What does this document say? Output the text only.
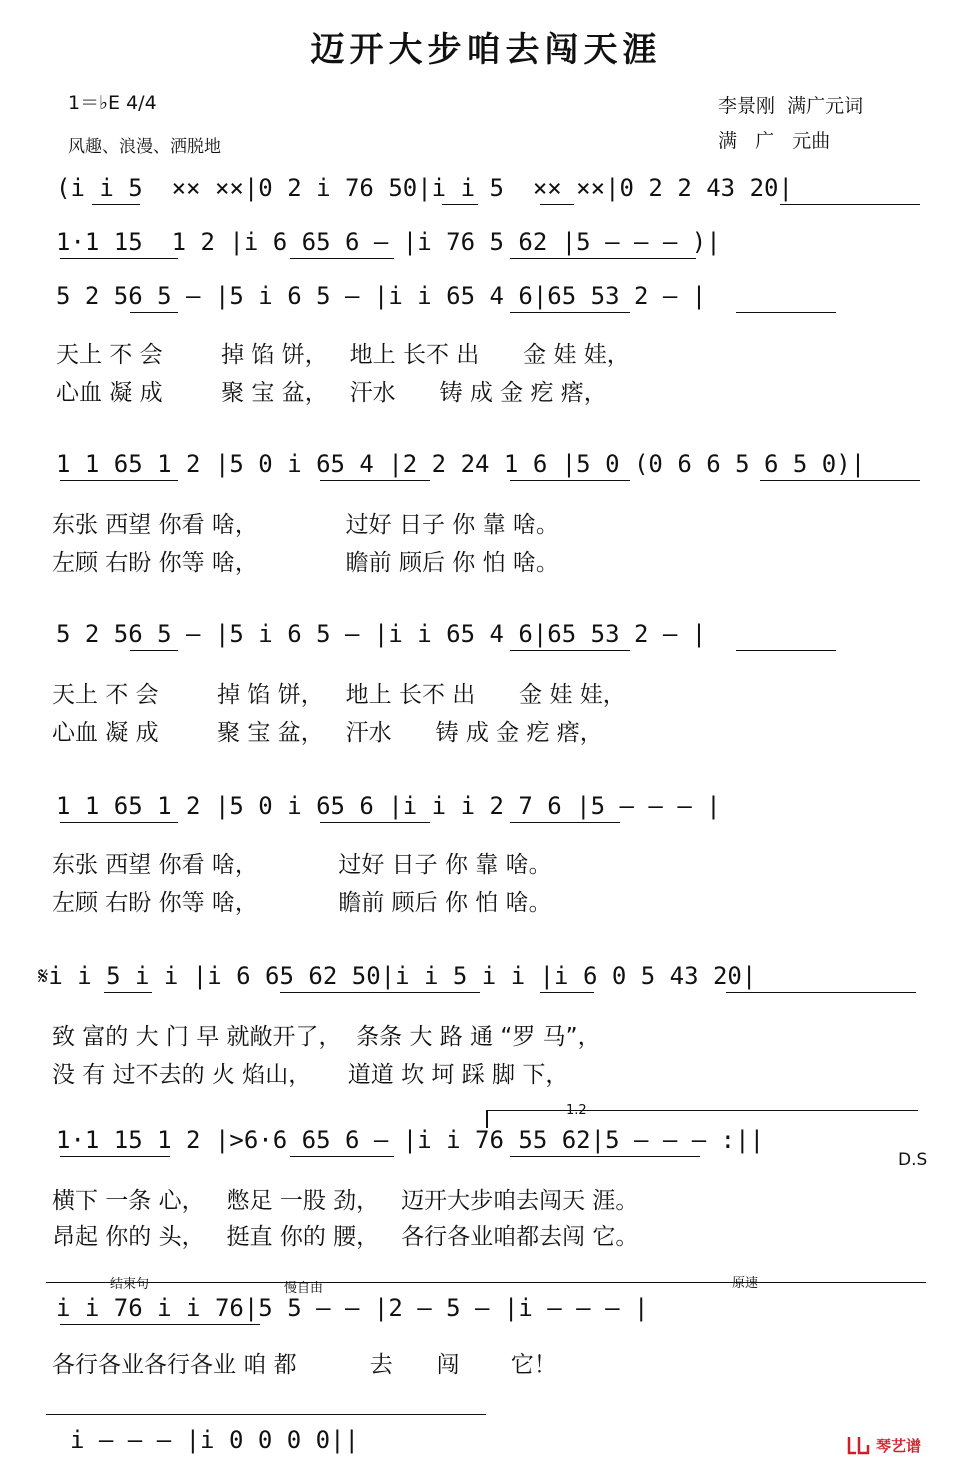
迈开大步咱去闯天涯
1＝♭E 4/4
风趣、浪漫、洒脱地
李景刚  满广元词
满   广   元曲
(i i 5  ×× ××|0 2 i 76 50|i i 5  ×× ××|0 2 2 43 20|
1·1 15  1 2 |i 6 65 6 — |i 76 5 62 |5 — — — )|
5 2 56 5 — |5 i 6 5 — |i i 65 4 6|65 53 2 — |
天上 不 会        掉 馅 饼，   地上 长不 出      金 娃 娃，
心血 凝 成        聚 宝 盆，   汗水      铸 成 金 疙 瘩，
1 1 65 1 2 |5 0 i 65 4 |2 2 24 1 6 |5 0 (0 6 6 5 6 5 0)|
东张 西望 你看 啥，            过好 日子 你 靠 啥。
左顾 右盼 你等 啥，            瞻前 顾后 你 怕 啥。
5 2 56 5 — |5 i 6 5 — |i i 65 4 6|65 53 2 — |
天上 不 会        掉 馅 饼，   地上 长不 出      金 娃 娃，
心血 凝 成        聚 宝 盆，   汗水      铸 成 金 疙 瘩，
1 1 65 1 2 |5 0 i 65 6 |i i i 2 7 6 |5 — — — |
东张 西望 你看 啥，           过好 日子 你 靠 啥。
左顾 右盼 你等 啥，           瞻前 顾后 你 怕 啥。
𝄋i i 5 i i |i 6 65 62 50|i i 5 i i |i 6 0 5 43 20|
致 富的 大 门 早 就敞开了，  条条 大 路 通 “罗 马”，
没 有 过不去的 火 焰山，     道道 坎 坷 踩 脚 下，
1.2
1·1 15 1 2 |>6·6 65 6 — |i i 76 55 62|5 — — — :||
D.S
横下 一条 心，   憋足 一股 劲，   迈开大步咱去闯天 涯。
昂起 你的 头，   挺直 你的 腰，   各行各业咱都去闯 它。
结束句	慢自由	原速
i i 76 i i 76|5 5 — — |2 — 5 — |i — — — |
各行各业各行各业 咱 都          去      闯       它！
i — — — |i 0 0 0 0||	琴艺谱
